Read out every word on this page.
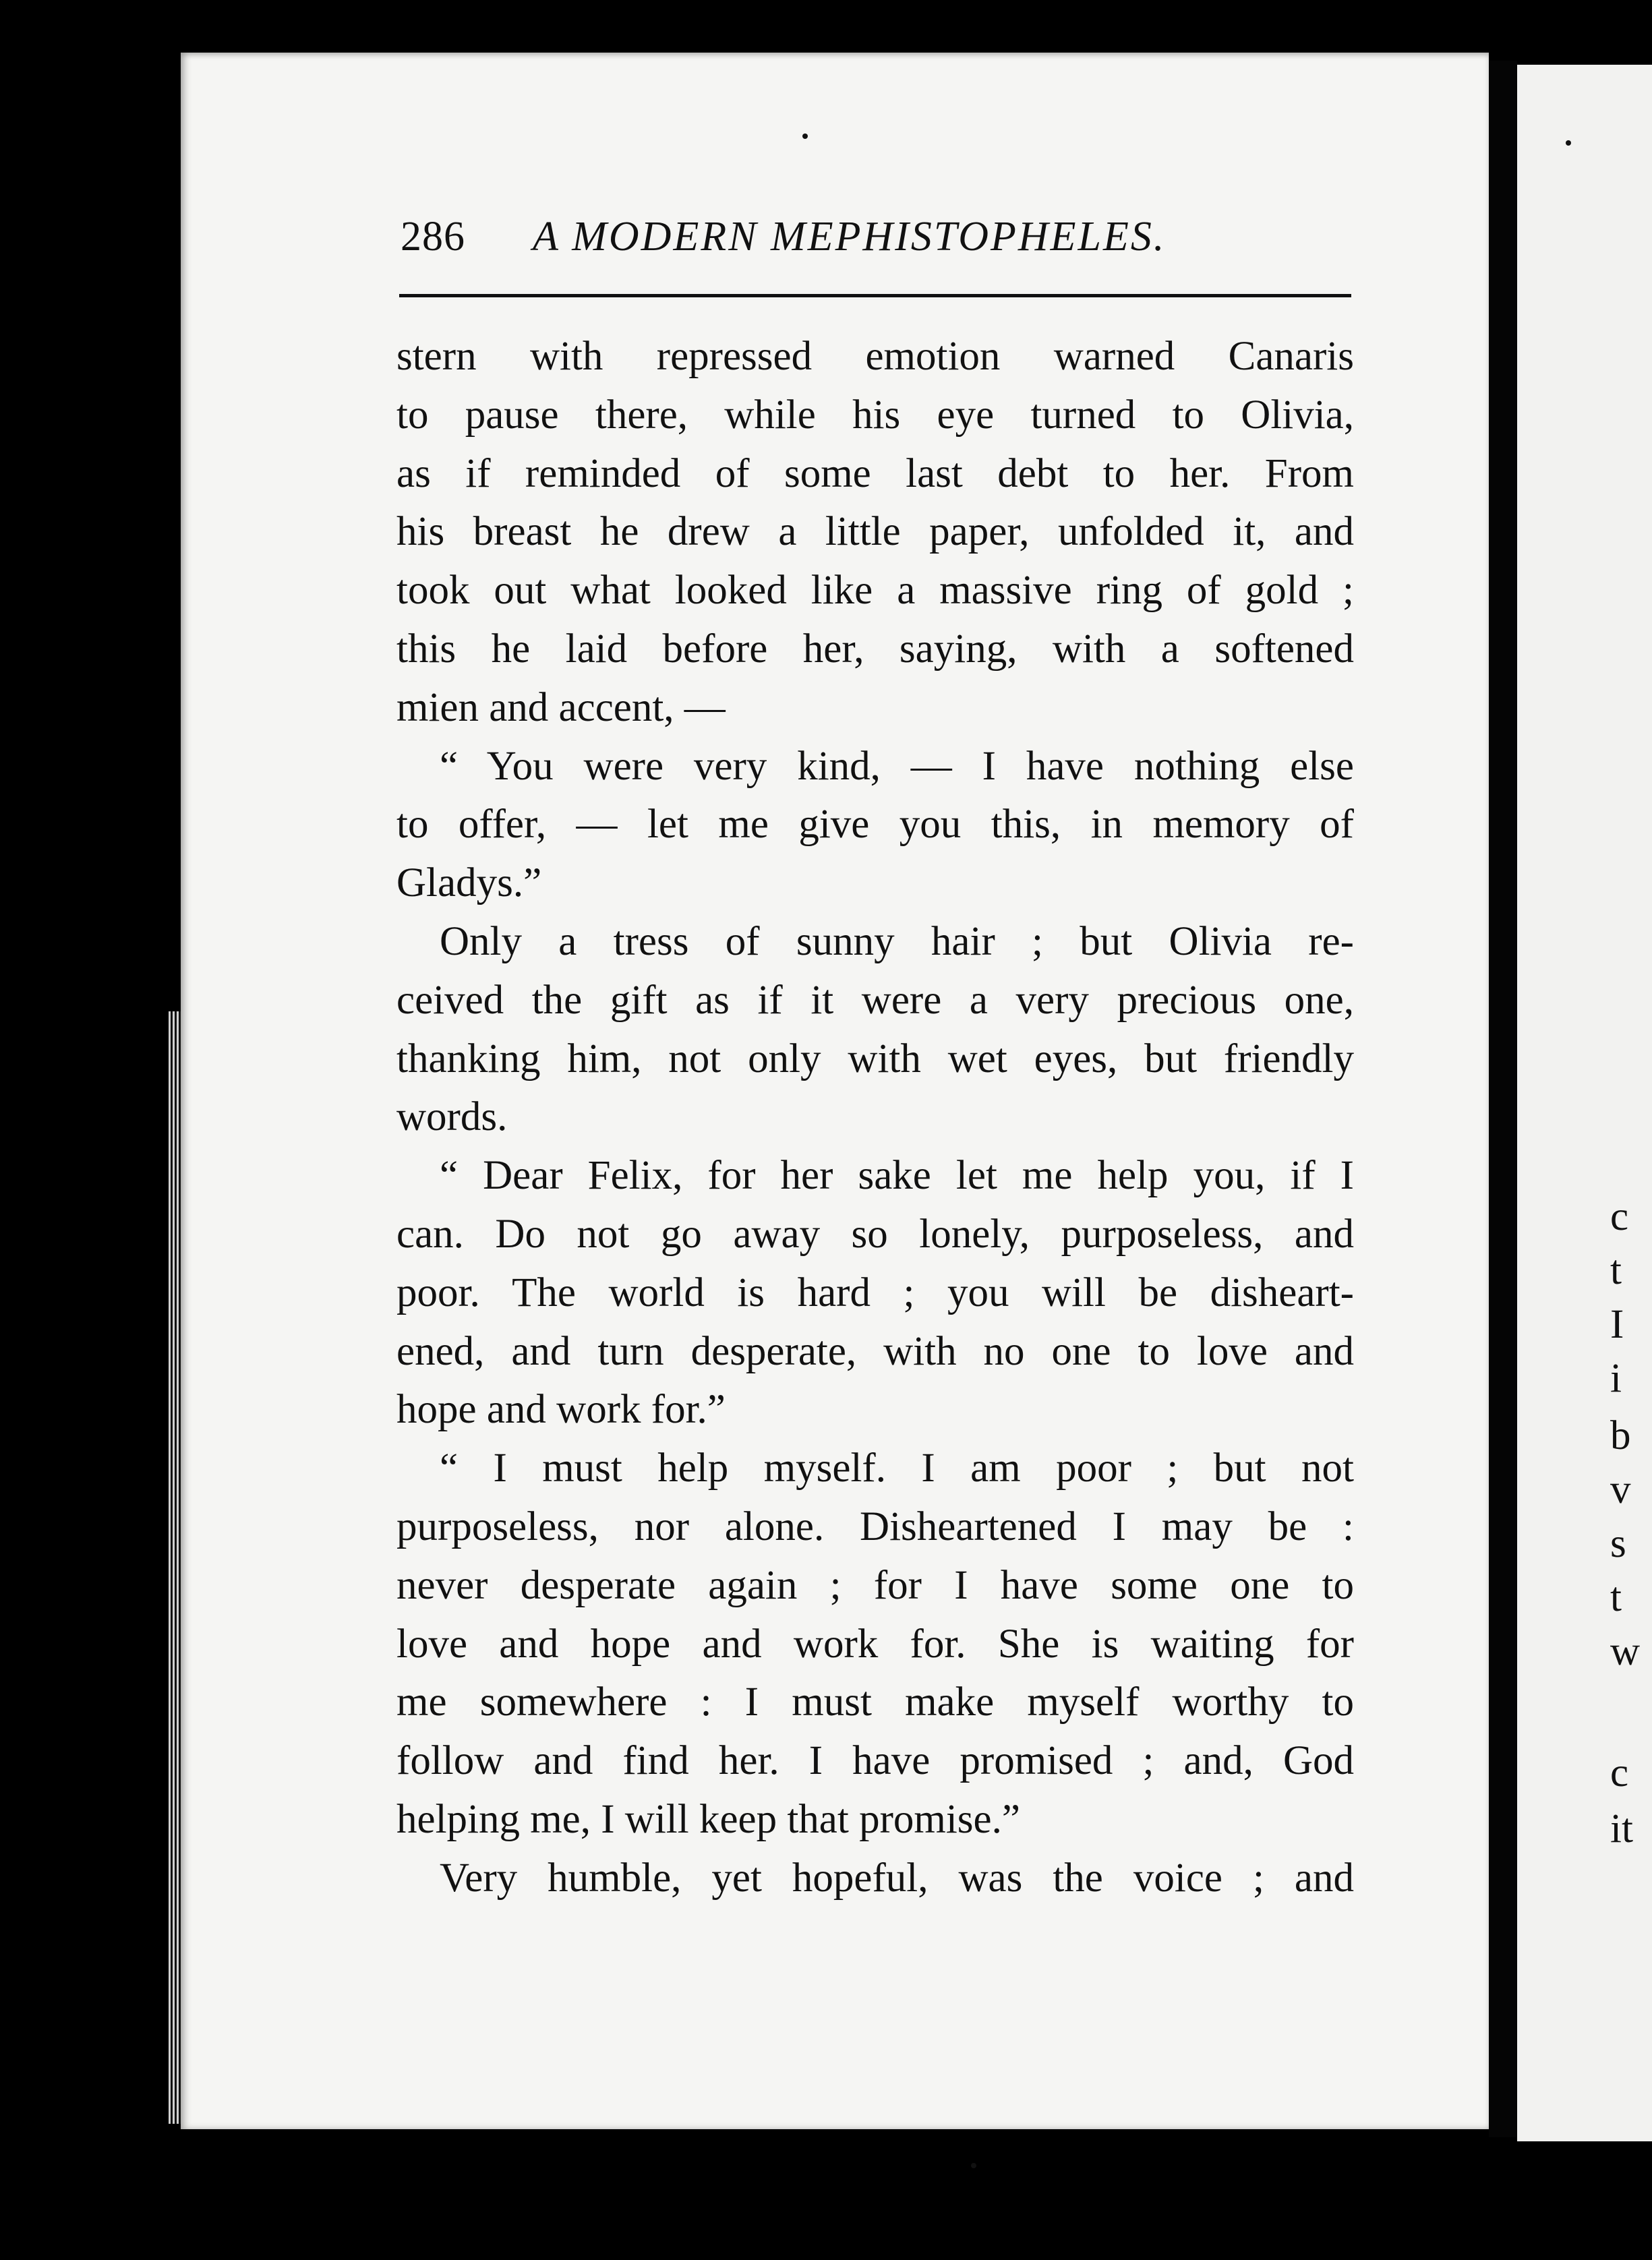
286 A MODERN MEPHISTOPHELES.
stern with repressed emotion warned Canaris
to pause there, while his eye turned to Olivia,
as if reminded of some last debt to her. From
his breast he drew a little paper, unfolded it, and
took out what looked like a massive ring of gold ;
this he laid before her, saying, with a softened
mien and accent, —
“ You were very kind, — I have nothing else
to offer, — let me give you this, in memory of
Gladys.”
Only a tress of sunny hair ; but Olivia re-
ceived the gift as if it were a very precious one,
thanking him, not only with wet eyes, but friendly
words.
“ Dear Felix, for her sake let me help you, if I
can. Do not go away so lonely, purposeless, and
poor. The world is hard ; you will be disheart-
ened, and turn desperate, with no one to love and
hope and work for.”
“ I must help myself. I am poor ; but not
purposeless, nor alone. Disheartened I may be :
never desperate again ; for I have some one to
love and hope and work for. She is waiting for
me somewhere : I must make myself worthy to
follow and find her. I have promised ; and, God
helping me, I will keep that promise.”
Very humble, yet hopeful, was the voice ; and
c
t
I
i
b
v
s
t
w
c
it
